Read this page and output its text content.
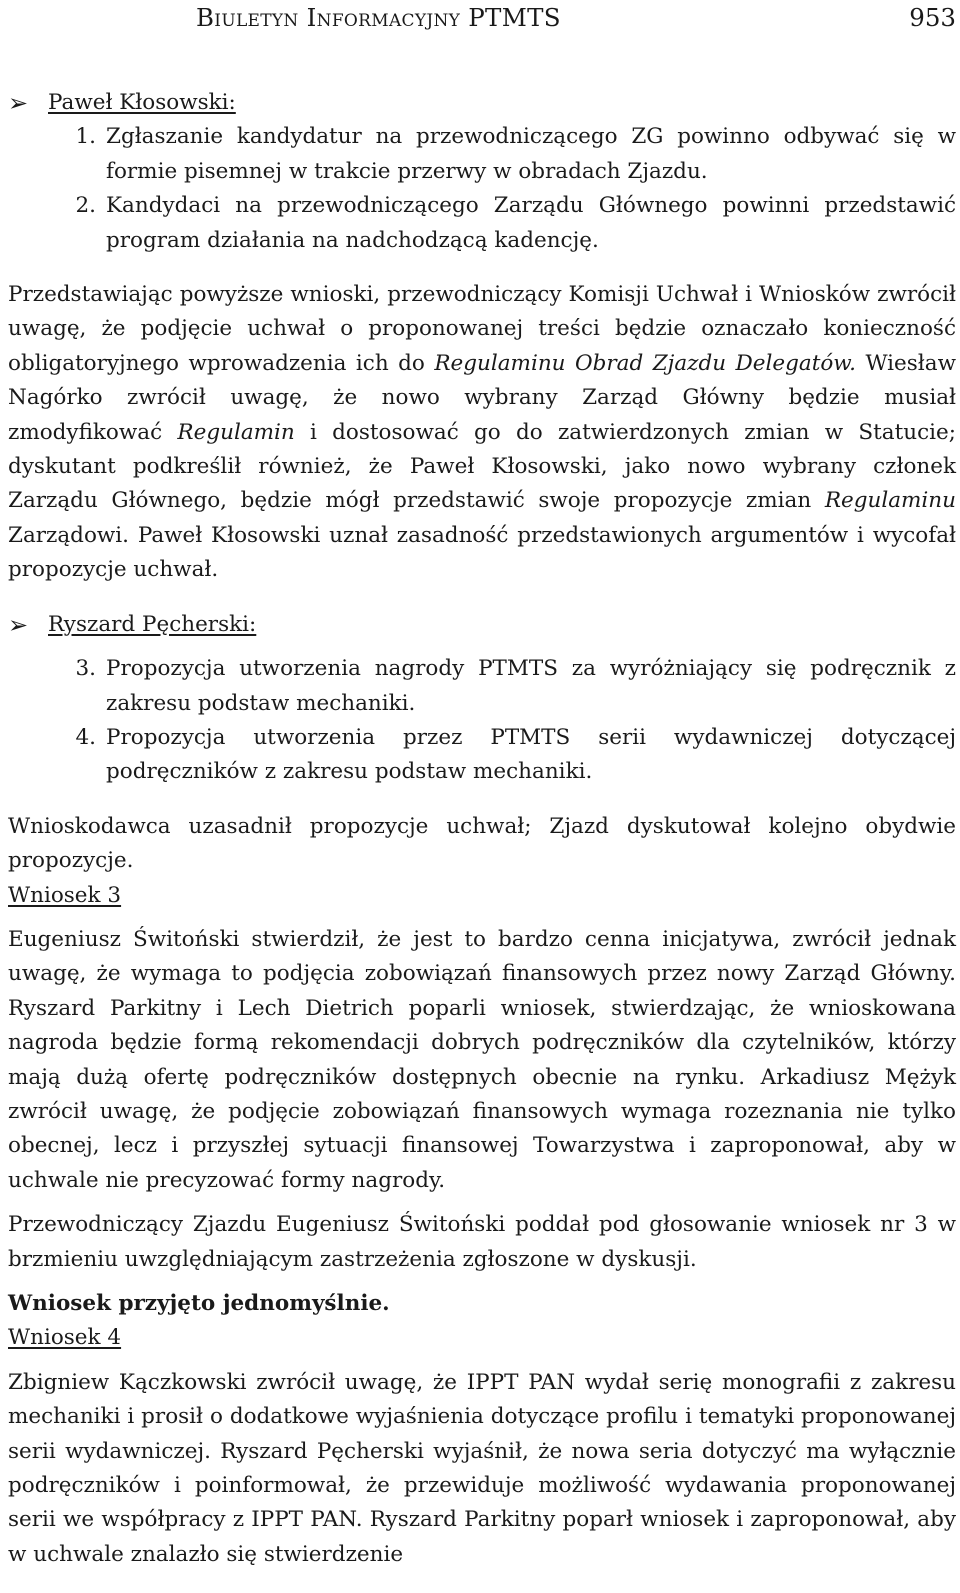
Biuletyn Informacyjny PTMTS	953
➢ Paweł Kłosowski:
1. Zgłaszanie kandydatur na przewodniczącego ZG powinno odbywać się w formie pisemnej w trakcie przerwy w obradach Zjazdu.
2. Kandydaci na przewodniczącego Zarządu Głównego powinni przedstawić program działania na nadchodzącą kadencję.

Przedstawiając powyższe wnioski, przewodniczący Komisji Uchwał i Wniosków zwrócił uwagę, że podjęcie uchwał o proponowanej treści będzie oznaczało konieczność obligatoryjnego wprowadzenia ich do Regulaminu Obrad Zjazdu Delegatów. Wiesław Nagórko zwrócił uwagę, że nowo wybrany Zarząd Główny będzie musiał zmodyfikować Regulamin i dostosować go do zatwierdzonych zmian w Statucie; dyskutant podkreślił również, że Paweł Kłosowski, jako nowo wybrany członek Zarządu Głównego, będzie mógł przedstawić swoje propozycje zmian Regulaminu Zarządowi. Paweł Kłosowski uznał zasadność przedstawionych argumentów i wycofał propozycje uchwał.

➢ Ryszard Pęcherski:
3. Propozycja utworzenia nagrody PTMTS za wyróżniający się podręcznik z zakresu podstaw mechaniki.
4. Propozycja utworzenia przez PTMTS serii wydawniczej dotyczącej podręczników z zakresu podstaw mechaniki.

Wnioskodawca uzasadnił propozycje uchwał; Zjazd dyskutował kolejno obydwie propozycje.

Wniosek 3

Eugeniusz Świtoński stwierdził, że jest to bardzo cenna inicjatywa, zwrócił jednak uwagę, że wymaga to podjęcia zobowiązań finansowych przez nowy Zarząd Główny. Ryszard Parkitny i Lech Dietrich poparli wniosek, stwierdzając, że wnioskowana nagroda będzie formą rekomendacji dobrych podręczników dla czytelników, którzy mają dużą ofertę podręczników dostępnych obecnie na rynku. Arkadiusz Mężyk zwrócił uwagę, że podjęcie zobowiązań finansowych wymaga rozeznania nie tylko obecnej, lecz i przyszłej sytuacji finansowej Towarzystwa i zaproponował, aby w uchwale nie precyzować formy nagrody.

Przewodniczący Zjazdu Eugeniusz Świtoński poddał pod głosowanie wniosek nr 3 w brzmieniu uwzględniającym zastrzeżenia zgłoszone w dyskusji.

Wniosek przyjęto jednomyślnie.
Wniosek 4

Zbigniew Kączkowski zwrócił uwagę, że IPPT PAN wydał serię monografii z zakresu mechaniki i prosił o dodatkowe wyjaśnienia dotyczące profilu i tematyki proponowanej serii wydawniczej. Ryszard Pęcherski wyjaśnił, że nowa seria dotyczyć ma wyłącznie podręczników i poinformował, że przewiduje możliwość wydawania proponowanej serii we współpracy z IPPT PAN. Ryszard Parkitny poparł wniosek i zaproponował, aby w uchwale znalazło się stwierdzenie
